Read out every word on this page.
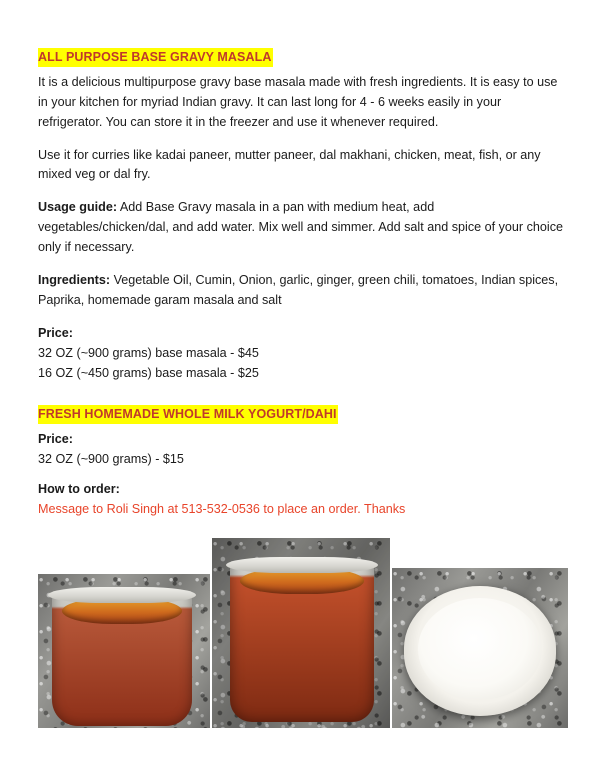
ALL PURPOSE BASE GRAVY MASALA

It is a delicious multipurpose gravy base masala made with fresh ingredients. It is easy to use in your kitchen for myriad Indian gravy. It can last long for 4 - 6 weeks easily in your refrigerator. You can store it in the freezer and use it whenever required.

Use it for curries like kadai paneer, mutter paneer, dal makhani, chicken, meat, fish, or any mixed veg or dal fry.

Usage guide: Add Base Gravy masala in a pan with medium heat, add vegetables/chicken/dal, and add water. Mix well and simmer. Add salt and spice of your choice only if necessary.

Ingredients: Vegetable Oil, Cumin, Onion, garlic, ginger, green chili, tomatoes, Indian spices, Paprika, homemade garam masala and salt

Price:

32 OZ (~900 grams) base masala - $45

16 OZ (~450 grams) base masala - $25

FRESH HOMEMADE WHOLE MILK YOGURT/DAHI

Price:

32 OZ (~900 grams) - $15

How to order:

Message to Roli Singh at 513-532-0536 to place an order. Thanks
